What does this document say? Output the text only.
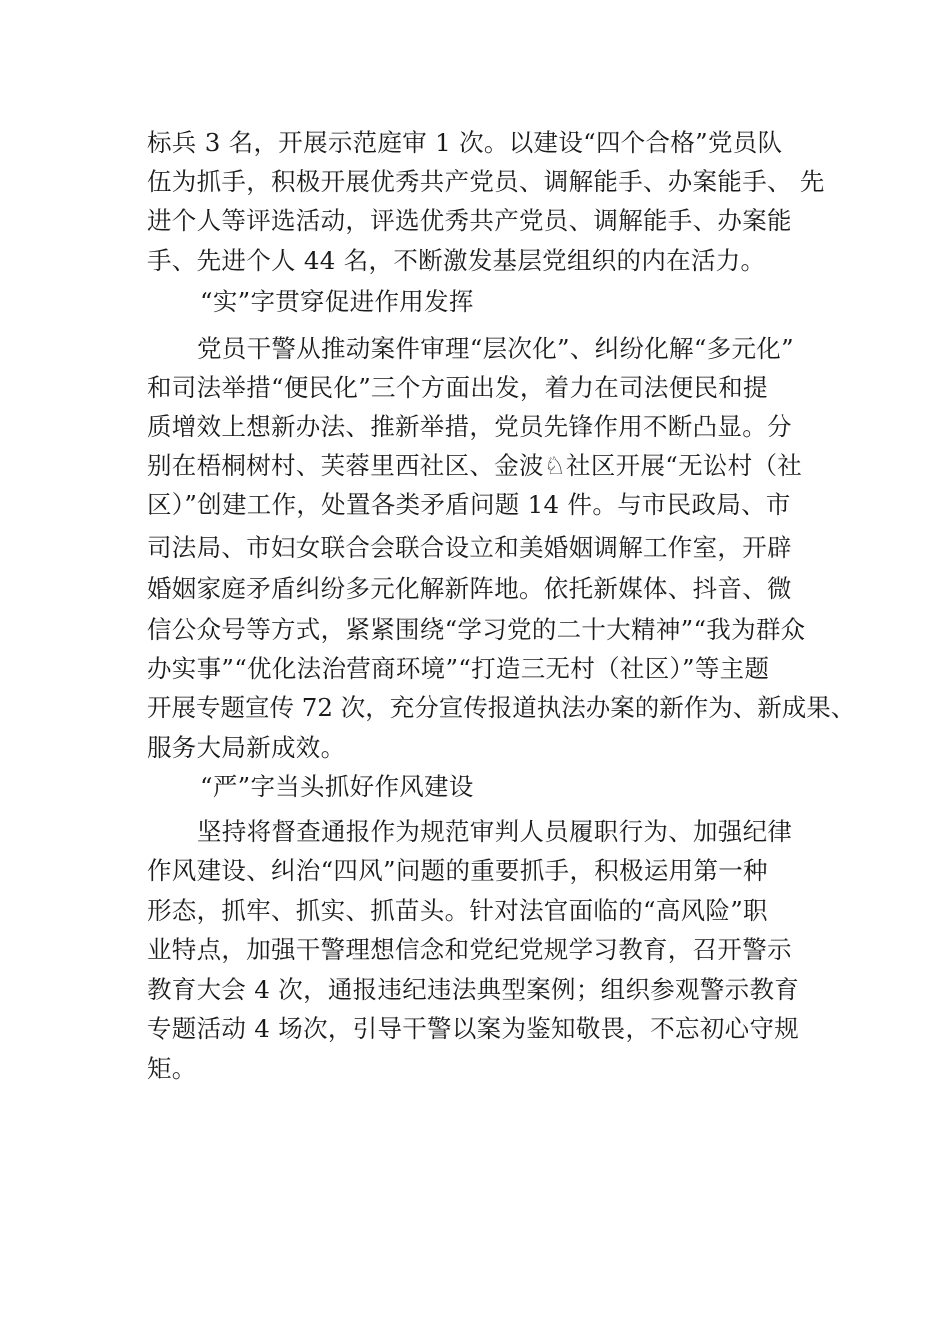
标兵 3 名，开展示范庭审 1 次。以建设“四个合格”党员队
伍为抓手，积极开展优秀共产党员、调解能手、办案能手、 先
进个人等评选活动，评选优秀共产党员、调解能手、办案能
手、先进个人 44 名，不断激发基层党组织的内在活力。
“实”字贯穿促进作用发挥
党员干警从推动案件审理“层次化”、纠纷化解“多元化”
和司法举措“便民化”三个方面出发，着力在司法便民和提
质增效上想新办法、推新举措，党员先锋作用不断凸显。分
别在梧桐树村、芙蓉里西社区、金波♘社区开展“无讼村（社
区）”创建工作，处置各类矛盾问题 14 件。与市民政局、市
司法局、市妇女联合会联合设立和美婚姻调解工作室，开辟
婚姻家庭矛盾纠纷多元化解新阵地。依托新媒体、抖音、微
信公众号等方式，紧紧围绕“学习党的二十大精神”“我为群众
办实事”“优化法治营商环境”“打造三无村（社区）”等主题
开展专题宣传 72 次，充分宣传报道执法办案的新作为、新成果、
服务大局新成效。
“严”字当头抓好作风建设
坚持将督查通报作为规范审判人员履职行为、加强纪律
作风建设、纠治“四风”问题的重要抓手，积极运用第一种
形态，抓牢、抓实、抓苗头。针对法官面临的“高风险”职
业特点，加强干警理想信念和党纪党规学习教育，召开警示
教育大会 4 次，通报违纪违法典型案例；组织参观警示教育
专题活动 4 场次，引导干警以案为鉴知敬畏，不忘初心守规
矩。
